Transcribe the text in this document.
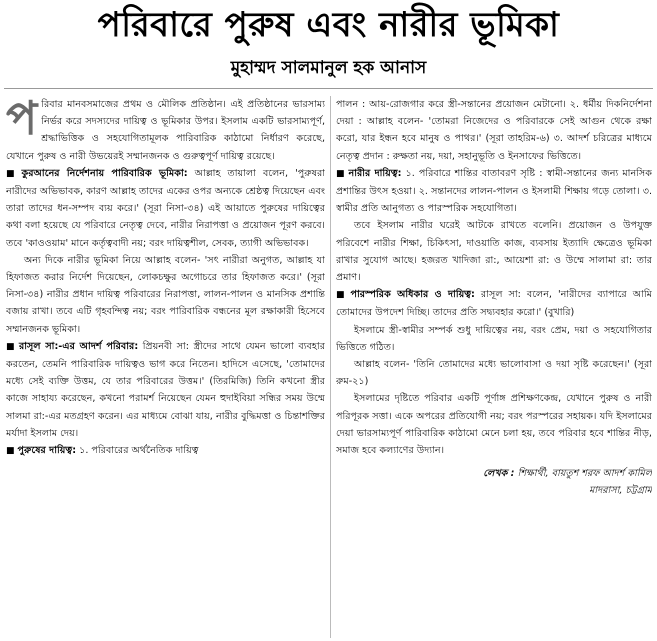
পরিবারে পুরুষ এবং নারীর ভূমিকা
মুহাম্মদ সালমানুল হক আনাস

পরিবার মানবসমাজের প্রথম ও মৌলিক প্রতিষ্ঠান। এই প্রতিষ্ঠানের ভারসাম্য নির্ভর করে সদস্যদের দায়িত্ব ও ভূমিকার উপর। ইসলাম একটি ভারসাম্যপূর্ণ, শ্রদ্ধাভিত্তিক ও সহযোগিতামূলক পারিবারিক কাঠামো নির্ধারণ করেছে, যেখানে পুরুষ ও নারী উভয়েরই সম্মানজনক ও গুরুত্বপূর্ণ দায়িত্ব রয়েছে।

■ কুরআনের নির্দেশনায় পারিবারিক ভূমিকা: আল্লাহ তায়ালা বলেন, 'পুরুষরা নারীদের অভিভাবক, কারণ আল্লাহ তাদের একের ওপর অন্যকে শ্রেষ্ঠত্ব দিয়েছেন এবং তারা তাদের ধন-সম্পদ ব্যয় করে।' (সূরা নিসা-৩৪) এই আয়াতে পুরুষের দায়িত্বের কথা বলা হয়েছে যে পরিবারে নেতৃত্ব দেবে, নারীর নিরাপত্তা ও প্রয়োজন পূরণ করবে। তবে 'কাওওয়াম' মানে কর্তৃত্ববাদী নয়; বরং দায়িত্বশীল, সেবক, ত্যাগী অভিভাবক।

অন্য দিকে নারীর ভূমিকা নিয়ে আল্লাহ বলেন- 'সৎ নারীরা অনুগত, আল্লাহ যা হিফাজত করার নির্দেশ দিয়েছেন, লোকচক্ষুর অগোচরে তার হিফাজত করে।' (সূরা নিসা-৩৪) নারীর প্রধান দায়িত্ব পরিবারের নিরাপত্তা, লালন-পালন ও মানসিক প্রশান্তি বজায় রাখা। তবে এটি গৃহবন্দিত্ব নয়; বরং পারিবারিক বন্ধনের মূল রক্ষাকারী হিসেবে সম্মানজনক ভূমিকা।

■ রাসূল সা:-এর আদর্শ পরিবার: প্রিয়নবী সা: স্ত্রীদের সাথে যেমন ভালো ব্যবহার করতেন, তেমনি পারিবারিক দায়িত্বও ভাগ করে নিতেন। হাদিসে এসেছে, 'তোমাদের মধ্যে সেই ব্যক্তি উত্তম, যে তার পরিবারের উত্তম।' (তিরমিজি) তিনি কখনো স্ত্রীর কাজে সাহায্য করেছেন, কখনো পরামর্শ নিয়েছেন যেমন হুদাইবিয়া সন্ধির সময় উম্মে সালমা রা:-এর মতগ্রহণ করেন। এর মাধ্যমে বোঝা যায়, নারীর বুদ্ধিমত্তা ও চিন্তাশক্তির মর্যাদা ইসলাম দেয়।

■ পুরুষের দায়িত্ব: ১. পরিবারের অর্থনৈতিক দায়িত্ব

পালন : আয়-রোজগার করে স্ত্রী-সন্তানের প্রয়োজন মেটানো। ২. ধর্মীয় দিকনির্দেশনা দেয়া : আল্লাহ বলেন- 'তোমরা নিজেদের ও পরিবারকে সেই আগুন থেকে রক্ষা করো, যার ইন্ধন হবে মানুষ ও পাথর।' (সূরা তাহরিম-৬) ৩. আদর্শ চরিত্রের মাধ্যমে নেতৃত্ব প্রদান : রুক্ষতা নয়, দয়া, সহানুভূতি ও ইনসাফের ভিত্তিতে।

■ নারীর দায়িত্ব: ১. পরিবারে শান্তির বাতাবরণ সৃষ্টি : স্বামী-সন্তানের জন্য মানসিক প্রশান্তির উৎস হওয়া। ২. সন্তানদের লালন-পালন ও ইসলামী শিক্ষায় গড়ে তোলা। ৩. স্বামীর প্রতি আনুগত্য ও পারস্পরিক সহযোগিতা।

তবে ইসলাম নারীর ঘরেই আটকে রাখতে বলেনি। প্রয়োজন ও উপযুক্ত পরিবেশে নারীর শিক্ষা, চিকিৎসা, দাওয়াতি কাজ, ব্যবসায় ইত্যাদি ক্ষেত্রেও ভূমিকা রাখার সুযোগ আছে। হজরত খাদিজা রা:, আয়েশা রা: ও উম্মে সালামা রা: তার প্রমাণ।

■ পারস্পরিক অধিকার ও দায়িত্ব: রাসূল সা: বলেন, 'নারীদের ব্যাপারে আমি তোমাদের উপদেশ দিচ্ছি। তাদের প্রতি সদ্ব্যবহার করো।' (বুখারি)

ইসলামে স্ত্রী-স্বামীর সম্পর্ক শুধু দায়িত্বের নয়, বরং প্রেম, দয়া ও সহযোগিতার ভিত্তিতে গঠিত।

আল্লাহ বলেন- 'তিনি তোমাদের মধ্যে ভালোবাসা ও দয়া সৃষ্টি করেছেন।' (সূরা রুম-২১)

ইসলামের দৃষ্টিতে পরিবার একটি পূর্ণাঙ্গ প্রশিক্ষণকেন্দ্র, যেখানে পুরুষ ও নারী পরিপূরক সত্তা। একে অপরের প্রতিযোগী নয়; বরং পরস্পরের সহায়ক। যদি ইসলামের দেয়া ভারসাম্যপূর্ণ পারিবারিক কাঠামো মেনে চলা হয়, তবে পরিবার হবে শান্তির নীড়, সমাজ হবে কল্যাণের উদ্যান।

লেখক : শিক্ষার্থী, বায়তুশ শরফ আদর্শ কামিল
মাদরাসা, চট্টগ্রাম
